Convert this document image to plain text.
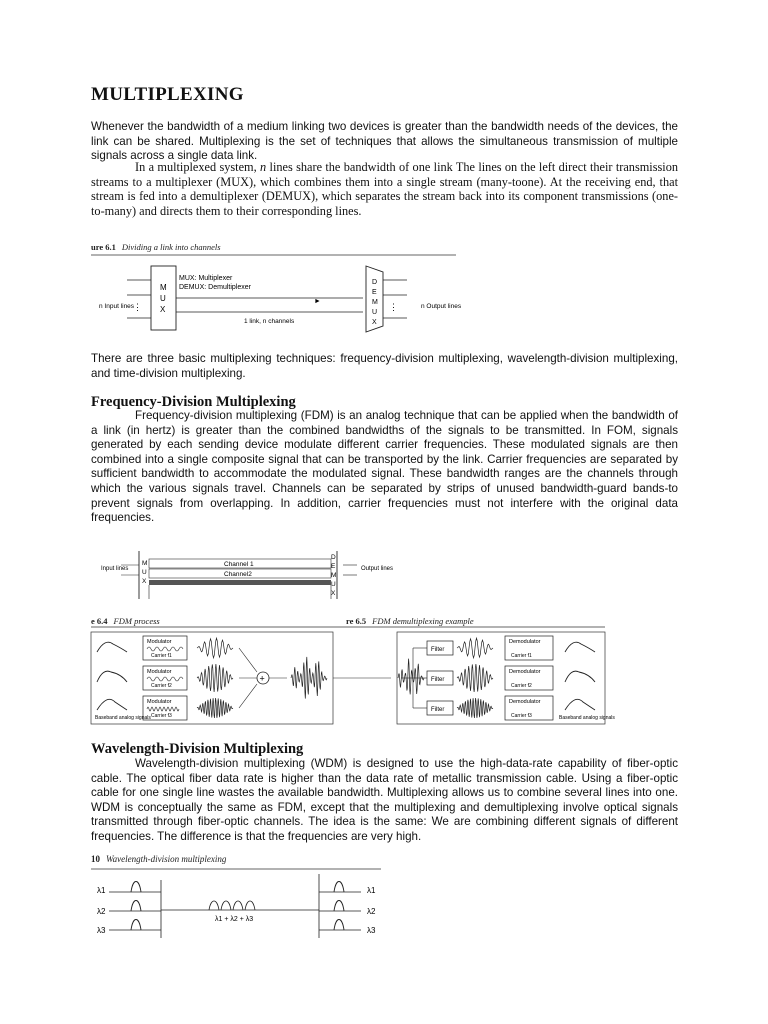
MULTIPLEXING

Whenever the bandwidth of a medium linking two devices is greater than the bandwidth needs of the devices, the link can be shared. Multiplexing is the set of techniques that allows the simultaneous transmission of multiple signals across a single data link.

In a multiplexed system, n lines share the bandwidth of one link The lines on the left direct their transmission streams to a multiplexer (MUX), which combines them into a single stream (many-toone). At the receiving end, that stream is fed into a demultiplexer (DEMUX), which separates the stream back into its component transmissions (one-to-many) and directs them to their corresponding lines.

ure 6.1 Dividing a link into channels
n Input lines
⋮
M
U
X
MUX: Multiplexer
DEMUX: Demultiplexer
►
1 link, n channels
D
E
M
U
X
⋮	n Output lines

There are three basic multiplexing techniques: frequency-division multiplexing, wavelength-division multiplexing, and time-division multiplexing.

Frequency-Division Multiplexing

Frequency-division multiplexing (FDM) is an analog technique that can be applied when the bandwidth of a link (in hertz) is greater than the combined bandwidths of the signals to be transmitted. In FOM, signals generated by each sending device modulate different carrier frequencies. These modulated signals are then combined into a single composite signal that can be transported by the link. Carrier frequencies are separated by sufficient bandwidth to accommodate the modulated signal. These bandwidth ranges are the channels through which the various signals travel. Channels can be separated by strips of unused bandwidth-guard bands-to prevent signals from overlapping. In addition, carrier frequencies must not interfere with the original data frequencies.

Input lines
M
U
X
Channel 1
Channel2
D
E
M
U
X
Output lines
e 6.4 FDM process	re 6.5 FDM demultiplexing example
Baseband analog signals
Modulator
Modulator
Modulator
Carrier f1
Carrier f2
Carrier f3
+
Filter
Filter
Filter
Demodulator
Demodulator
Demodulator
Carrier f1
Carrier f2
Carrier f3	Baseband analog signals
Wavelength-Division Multiplexing

Wavelength-division multiplexing (WDM) is designed to use the high-data-rate capability of fiber-optic cable. The optical fiber data rate is higher than the data rate of metallic transmission cable. Using a fiber-optic cable for one single line wastes the available bandwidth. Multiplexing allows us to combine several lines into one. WDM is conceptually the same as FDM, except that the multiplexing and demultiplexing involve optical signals transmitted through fiber-optic channels. The idea is the same: We are combining different signals of different frequencies. The difference is that the frequencies are very high.

10 Wavelength-division multiplexing
λ1
λ2
λ3
λ1 + λ2 + λ3
λ1
λ2
λ3
